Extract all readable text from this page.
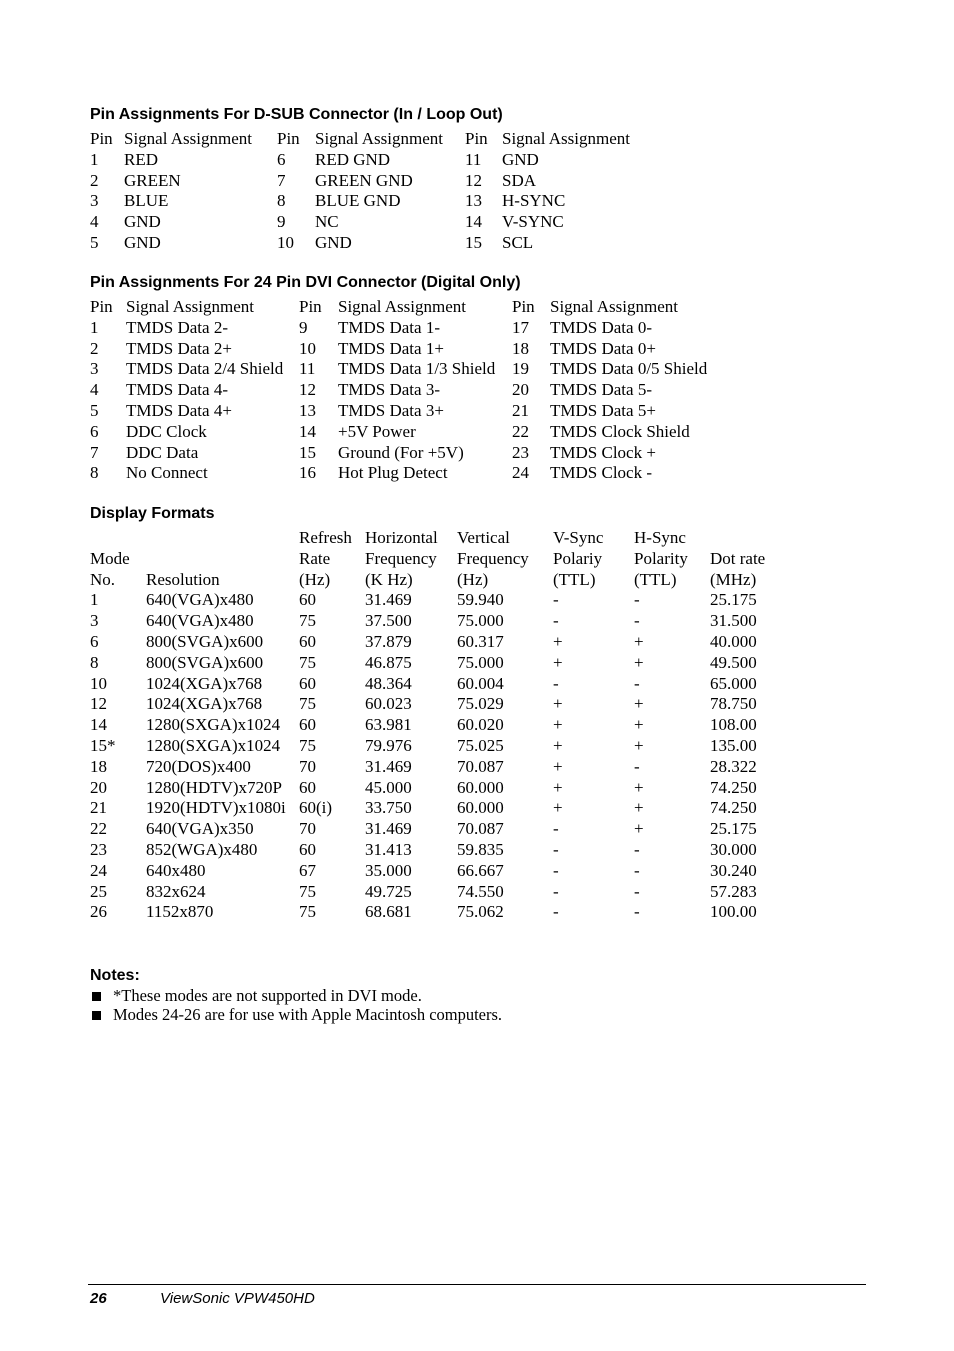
Pin Assignments For D-SUB Connector (In / Loop Out)
Pin	Signal Assignment	Pin	Signal Assignment	Pin	Signal Assignment
1	RED	6	RED GND	11	GND
2	GREEN	7	GREEN GND	12	SDA
3	BLUE	8	BLUE GND	13	H-SYNC
4	GND	9	NC	14	V-SYNC
5	GND	10	GND	15	SCL
Pin Assignments For 24 Pin DVI Connector (Digital Only)
Pin	Signal Assignment	Pin	Signal Assignment	Pin	Signal Assignment
1	TMDS Data 2-	9	TMDS Data 1-	17	TMDS Data 0-
2	TMDS Data 2+	10	TMDS Data 1+	18	TMDS Data 0+
3	TMDS Data 2/4 Shield	11	TMDS Data 1/3 Shield	19	TMDS Data 0/5 Shield
4	TMDS Data 4-	12	TMDS Data 3-	20	TMDS Data 5-
5	TMDS Data 4+	13	TMDS Data 3+	21	TMDS Data 5+
6	DDC Clock	14	+5V Power	22	TMDS Clock Shield
7	DDC Data	15	Ground (For +5V)	23	TMDS Clock +
8	No Connect	16	Hot Plug Detect	24	TMDS Clock -
Display Formats
		Refresh	Horizontal	Vertical	V-Sync	H-Sync	
Mode		Rate	Frequency	Frequency	Polariy	Polarity	Dot rate
No.	Resolution	(Hz)	(K Hz)	(Hz)	(TTL)	(TTL)	(MHz)
1	640(VGA)x480	60	31.469	59.940	-	-	25.175
3	640(VGA)x480	75	37.500	75.000	-	-	31.500
6	800(SVGA)x600	60	37.879	60.317	+	+	40.000
8	800(SVGA)x600	75	46.875	75.000	+	+	49.500
10	1024(XGA)x768	60	48.364	60.004	-	-	65.000
12	1024(XGA)x768	75	60.023	75.029	+	+	78.750
14	1280(SXGA)x1024	60	63.981	60.020	+	+	108.00
15*	1280(SXGA)x1024	75	79.976	75.025	+	+	135.00
18	720(DOS)x400	70	31.469	70.087	+	-	28.322
20	1280(HDTV)x720P	60	45.000	60.000	+	+	74.250
21	1920(HDTV)x1080i	60(i)	33.750	60.000	+	+	74.250
22	640(VGA)x350	70	31.469	70.087	-	+	25.175
23	852(WGA)x480	60	31.413	59.835	-	-	30.000
24	640x480	67	35.000	66.667	-	-	30.240
25	832x624	75	49.725	74.550	-	-	57.283
26	1152x870	75	68.681	75.062	-	-	100.00
Notes:
*These modes are not supported in DVI mode.
Modes 24-26 are for use with Apple Macintosh computers.
26	ViewSonic VPW450HD
